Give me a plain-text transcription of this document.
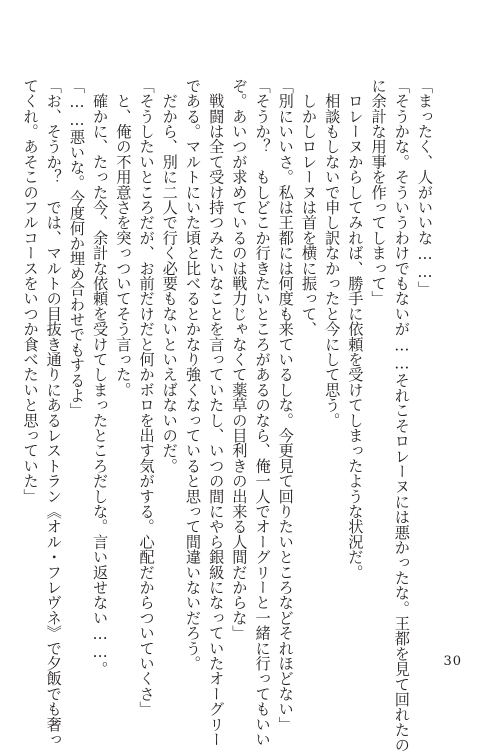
「まったく、人がいいな……」
「そうかな。そういうわけでもないが……それこそロレーヌには悪かったな。王都を見て回れたの
に余計な用事を作ってしまって」
　ロレーヌからしてみれば、勝手に依頼を受けてしまったような状況だ。
　相談もしないで申し訳なかったと今にして思う。
　しかしロレーヌは首を横に振って、
「別にいいさ。私は王都には何度も来ているしな。今更見て回りたいところなどそれほどない」
「そうか？　もしどこか行きたいところがあるのなら、俺一人でオーグリーと一緒に行ってもいい
ぞ。あいつが求めているのは戦力じゃなくて薬草の目利きの出来る人間だからな」
　戦闘は全て受け持つみたいなことを言っていたし、いつの間にやら銀級になっていたオーグリー
である。マルトにいた頃と比べるとかなり強くなっていると思って間違いないだろう。
　だから、別に二人で行く必要もないといえばないのだ。
「そうしたいところだが、お前だけだと何かボロを出す気がする。心配だからついていくさ」
　と、俺の不用意さを突っついてそう言った。
　確かに、たった今、余計な依頼を受けてしまったところだしな。言い返せない……。
「……悪いな。今度何か埋め合わせでもするよ」
「お、そうか？　では、マルトの目抜き通りにあるレストラン《オル・フレヴネ》で夕飯でも奢っ
てくれ。あそこのフルコースをいつか食べたいと思っていた」
30
